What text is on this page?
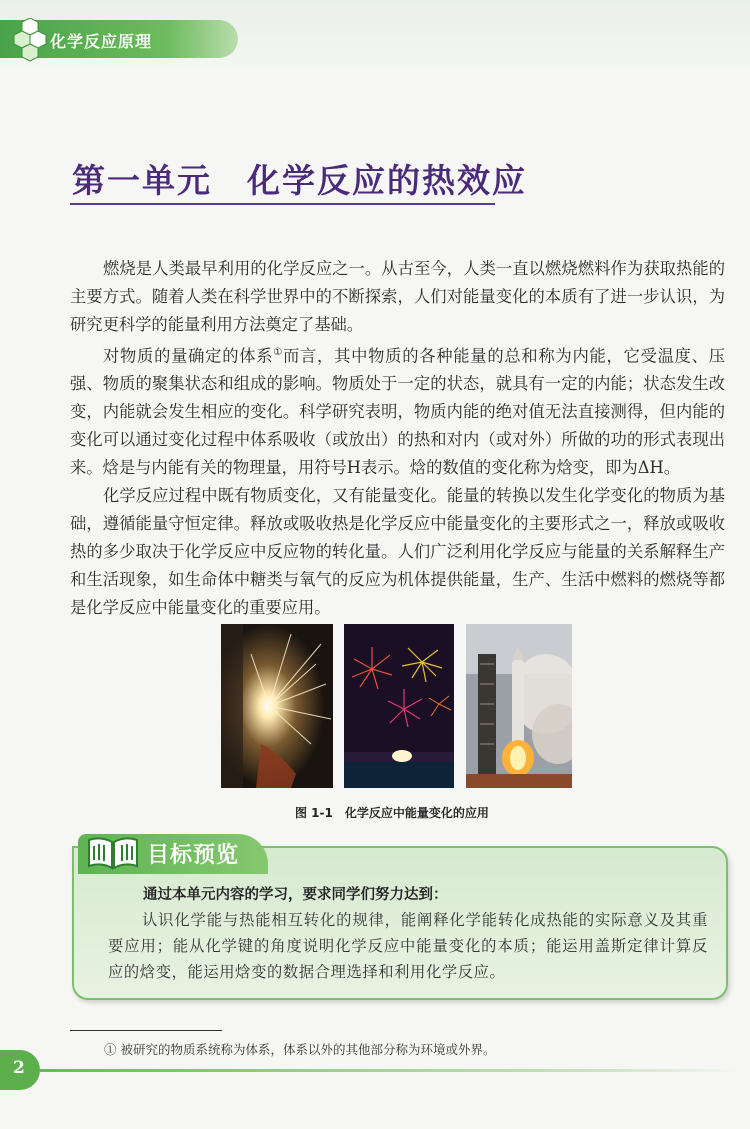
化学反应原理
第一单元　化学反应的热效应

燃烧是人类最早利用的化学反应之一。从古至今，人类一直以燃烧燃料作为获取热能的主要方式。随着人类在科学世界中的不断探索，人们对能量变化的本质有了进一步认识，为研究更科学的能量利用方法奠定了基础。

对物质的量确定的体系①而言，其中物质的各种能量的总和称为内能，它受温度、压强、物质的聚集状态和组成的影响。物质处于一定的状态，就具有一定的内能；状态发生改变，内能就会发生相应的变化。科学研究表明，物质内能的绝对值无法直接测得，但内能的变化可以通过变化过程中体系吸收（或放出）的热和对内（或对外）所做的功的形式表现出来。焓是与内能有关的物理量，用符号H表示。焓的数值的变化称为焓变，即为ΔH。

化学反应过程中既有物质变化，又有能量变化。能量的转换以发生化学变化的物质为基础，遵循能量守恒定律。释放或吸收热是化学反应中能量变化的主要形式之一，释放或吸收热的多少取决于化学反应中反应物的转化量。人们广泛利用化学反应与能量的关系解释生产和生活现象，如生命体中糖类与氧气的反应为机体提供能量，生产、生活中燃料的燃烧等都是化学反应中能量变化的重要应用。

图 1-1 化学反应中能量变化的应用
目标预览
通过本单元内容的学习，要求同学们努力达到：

认识化学能与热能相互转化的规律，能阐释化学能转化成热能的实际意义及其重要应用；能从化学键的角度说明化学反应中能量变化的本质；能运用盖斯定律计算反应的焓变，能运用焓变的数据合理选择和利用化学反应。

① 被研究的物质系统称为体系，体系以外的其他部分称为环境或外界。
2
